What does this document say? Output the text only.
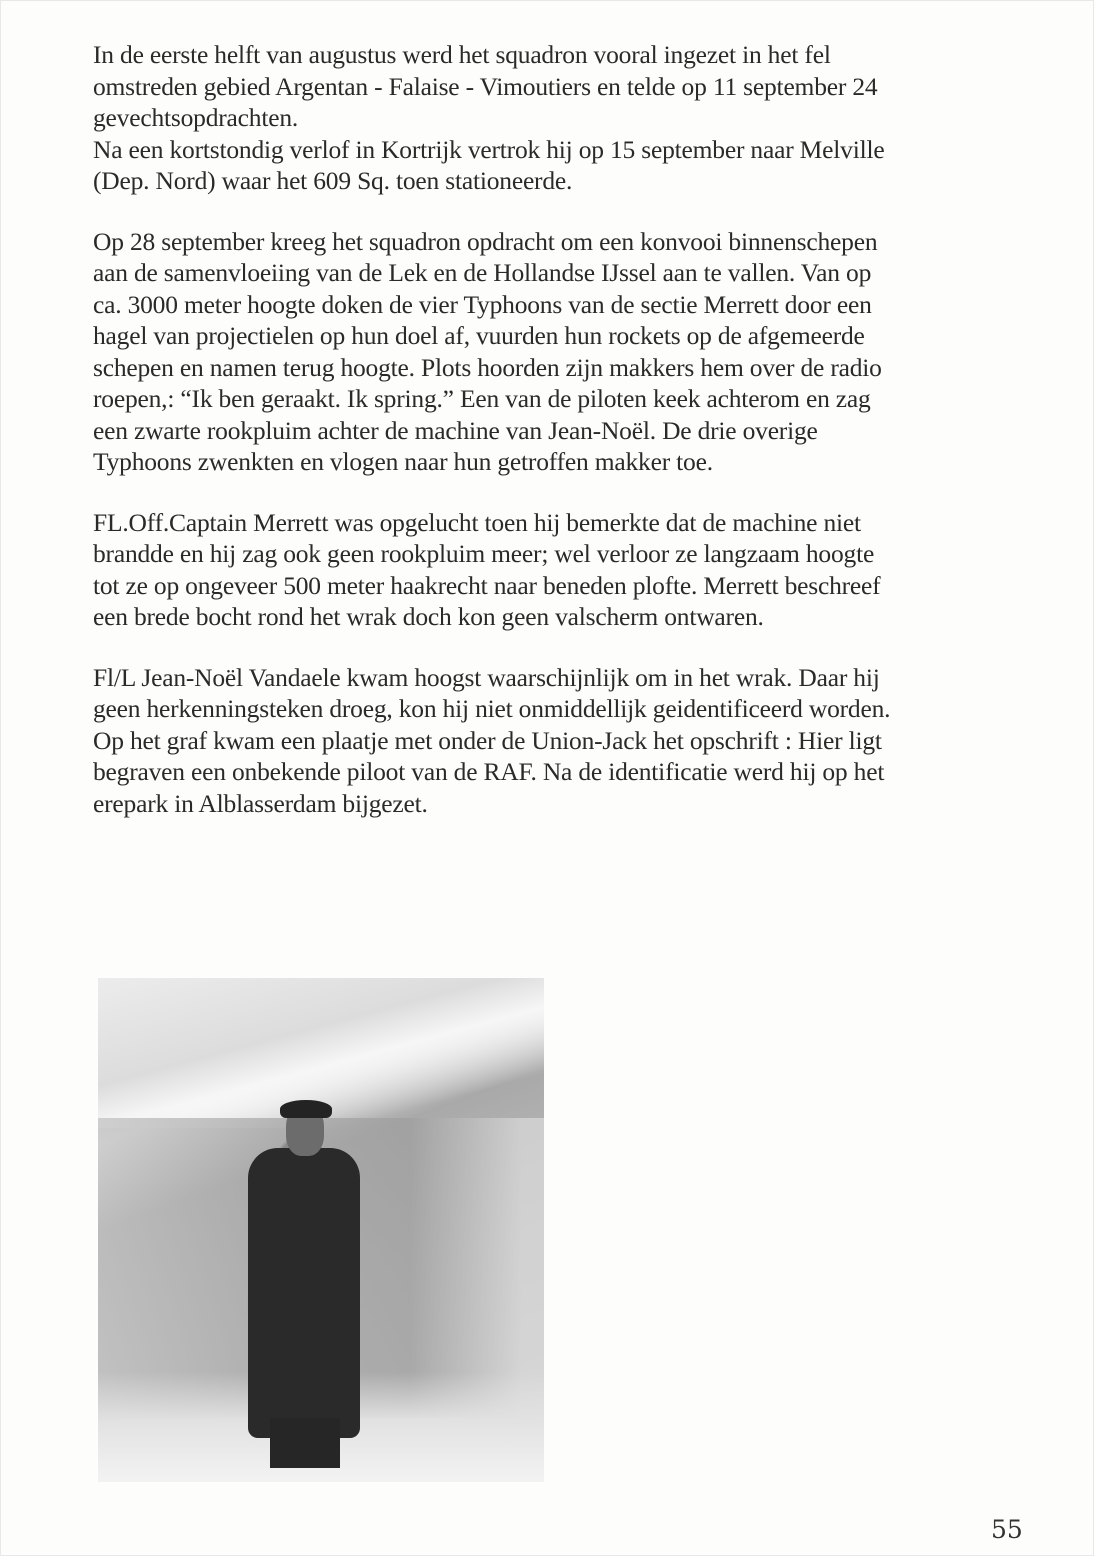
In de eerste helft van augustus werd het squadron vooral ingezet in het fel
omstreden gebied Argentan - Falaise - Vimoutiers en telde op 11 september 24
gevechtsopdrachten.
Na een kortstondig verlof in Kortrijk vertrok hij op 15 september naar Melville
(Dep. Nord) waar het 609 Sq. toen stationeerde.

Op 28 september kreeg het squadron opdracht om een konvooi binnenschepen
aan de samenvloeiing van de Lek en de Hollandse IJssel aan te vallen. Van op
ca. 3000 meter hoogte doken de vier Typhoons van de sectie Merrett door een
hagel van projectielen op hun doel af, vuurden hun rockets op de afgemeerde
schepen en namen terug hoogte. Plots hoorden zijn makkers hem over de radio
roepen,: “Ik ben geraakt. Ik spring.” Een van de piloten keek achterom en zag
een zwarte rookpluim achter de machine van Jean-Noël. De drie overige
Typhoons zwenkten en vlogen naar hun getroffen makker toe.

FL.Off.Captain Merrett was opgelucht toen hij bemerkte dat de machine niet
brandde en hij zag ook geen rookpluim meer; wel verloor ze langzaam hoogte
tot ze op ongeveer 500 meter haakrecht naar beneden plofte. Merrett beschreef
een brede bocht rond het wrak doch kon geen valscherm ontwaren.

Fl/L Jean-Noël Vandaele kwam hoogst waarschijnlijk om in het wrak. Daar hij
geen herkenningsteken droeg, kon hij niet onmiddellijk geidentificeerd worden.
Op het graf kwam een plaatje met onder de Union-Jack het opschrift : Hier ligt
begraven een onbekende piloot van de RAF. Na de identificatie werd hij op het
erepark in Alblasserdam bijgezet.

55
